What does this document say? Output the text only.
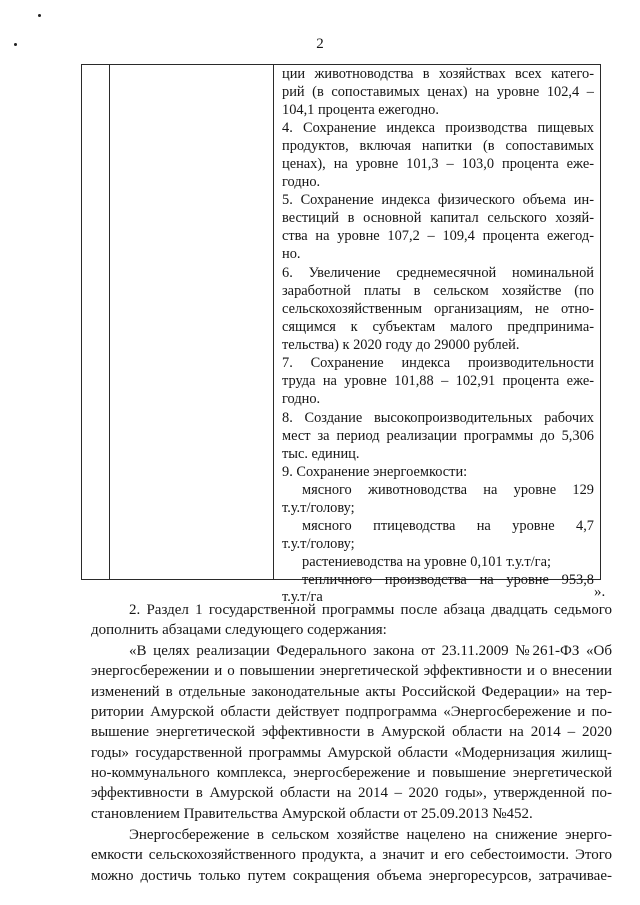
2
ции животноводства в хозяйствах всех катего-
рий (в сопоставимых ценах) на уровне 102,4 –
104,1 процента ежегодно.
4. Сохранение индекса производства пищевых
продуктов, включая напитки (в сопоставимых
ценах), на уровне 101,3 – 103,0 процента еже-
годно.
5. Сохранение индекса физического объема ин-
вестиций в основной капитал сельского хозяй-
ства на уровне 107,2 – 109,4 процента ежегод-
но.
6. Увеличение среднемесячной номинальной
заработной платы в сельском хозяйстве (по
сельскохозяйственным организациям, не отно-
сящимся к субъектам малого предпринима-
тельства) к 2020 году до 29000 рублей.
7. Сохранение индекса производительности
труда на уровне 101,88 – 102,91 процента еже-
годно.
8. Создание высокопроизводительных рабочих
мест за период реализации программы до 5,306
тыс. единиц.
9. Сохранение энергоемкости:
мясного животноводства на уровне 129
т.у.т/голову;
мясного птицеводства на уровне 4,7
т.у.т/голову;
растениеводства на уровне 0,101 т.у.т/га;
тепличного производства на уровне 953,8
т.у.т/га	».
2. Раздел 1 государственной программы после абзаца двадцать седьмого
дополнить абзацами следующего содержания:
«В целях реализации Федерального закона от 23.11.2009 №261-ФЗ «Об
энергосбережении и о повышении энергетической эффективности и о внесении
изменений в отдельные законодательные акты Российской Федерации» на тер-
ритории Амурской области действует подпрограмма «Энергосбережение и по-
вышение энергетической эффективности в Амурской области на 2014 – 2020
годы» государственной программы Амурской области «Модернизация жилищ-
но-коммунального комплекса, энергосбережение и повышение энергетической
эффективности в Амурской области на 2014 – 2020 годы», утвержденной по-
становлением Правительства Амурской области от 25.09.2013 №452.
Энергосбережение в сельском хозяйстве нацелено на снижение энерго-
емкости сельскохозяйственного продукта, а значит и его себестоимости. Этого
можно достичь только путем сокращения объема энергоресурсов, затрачивае-
